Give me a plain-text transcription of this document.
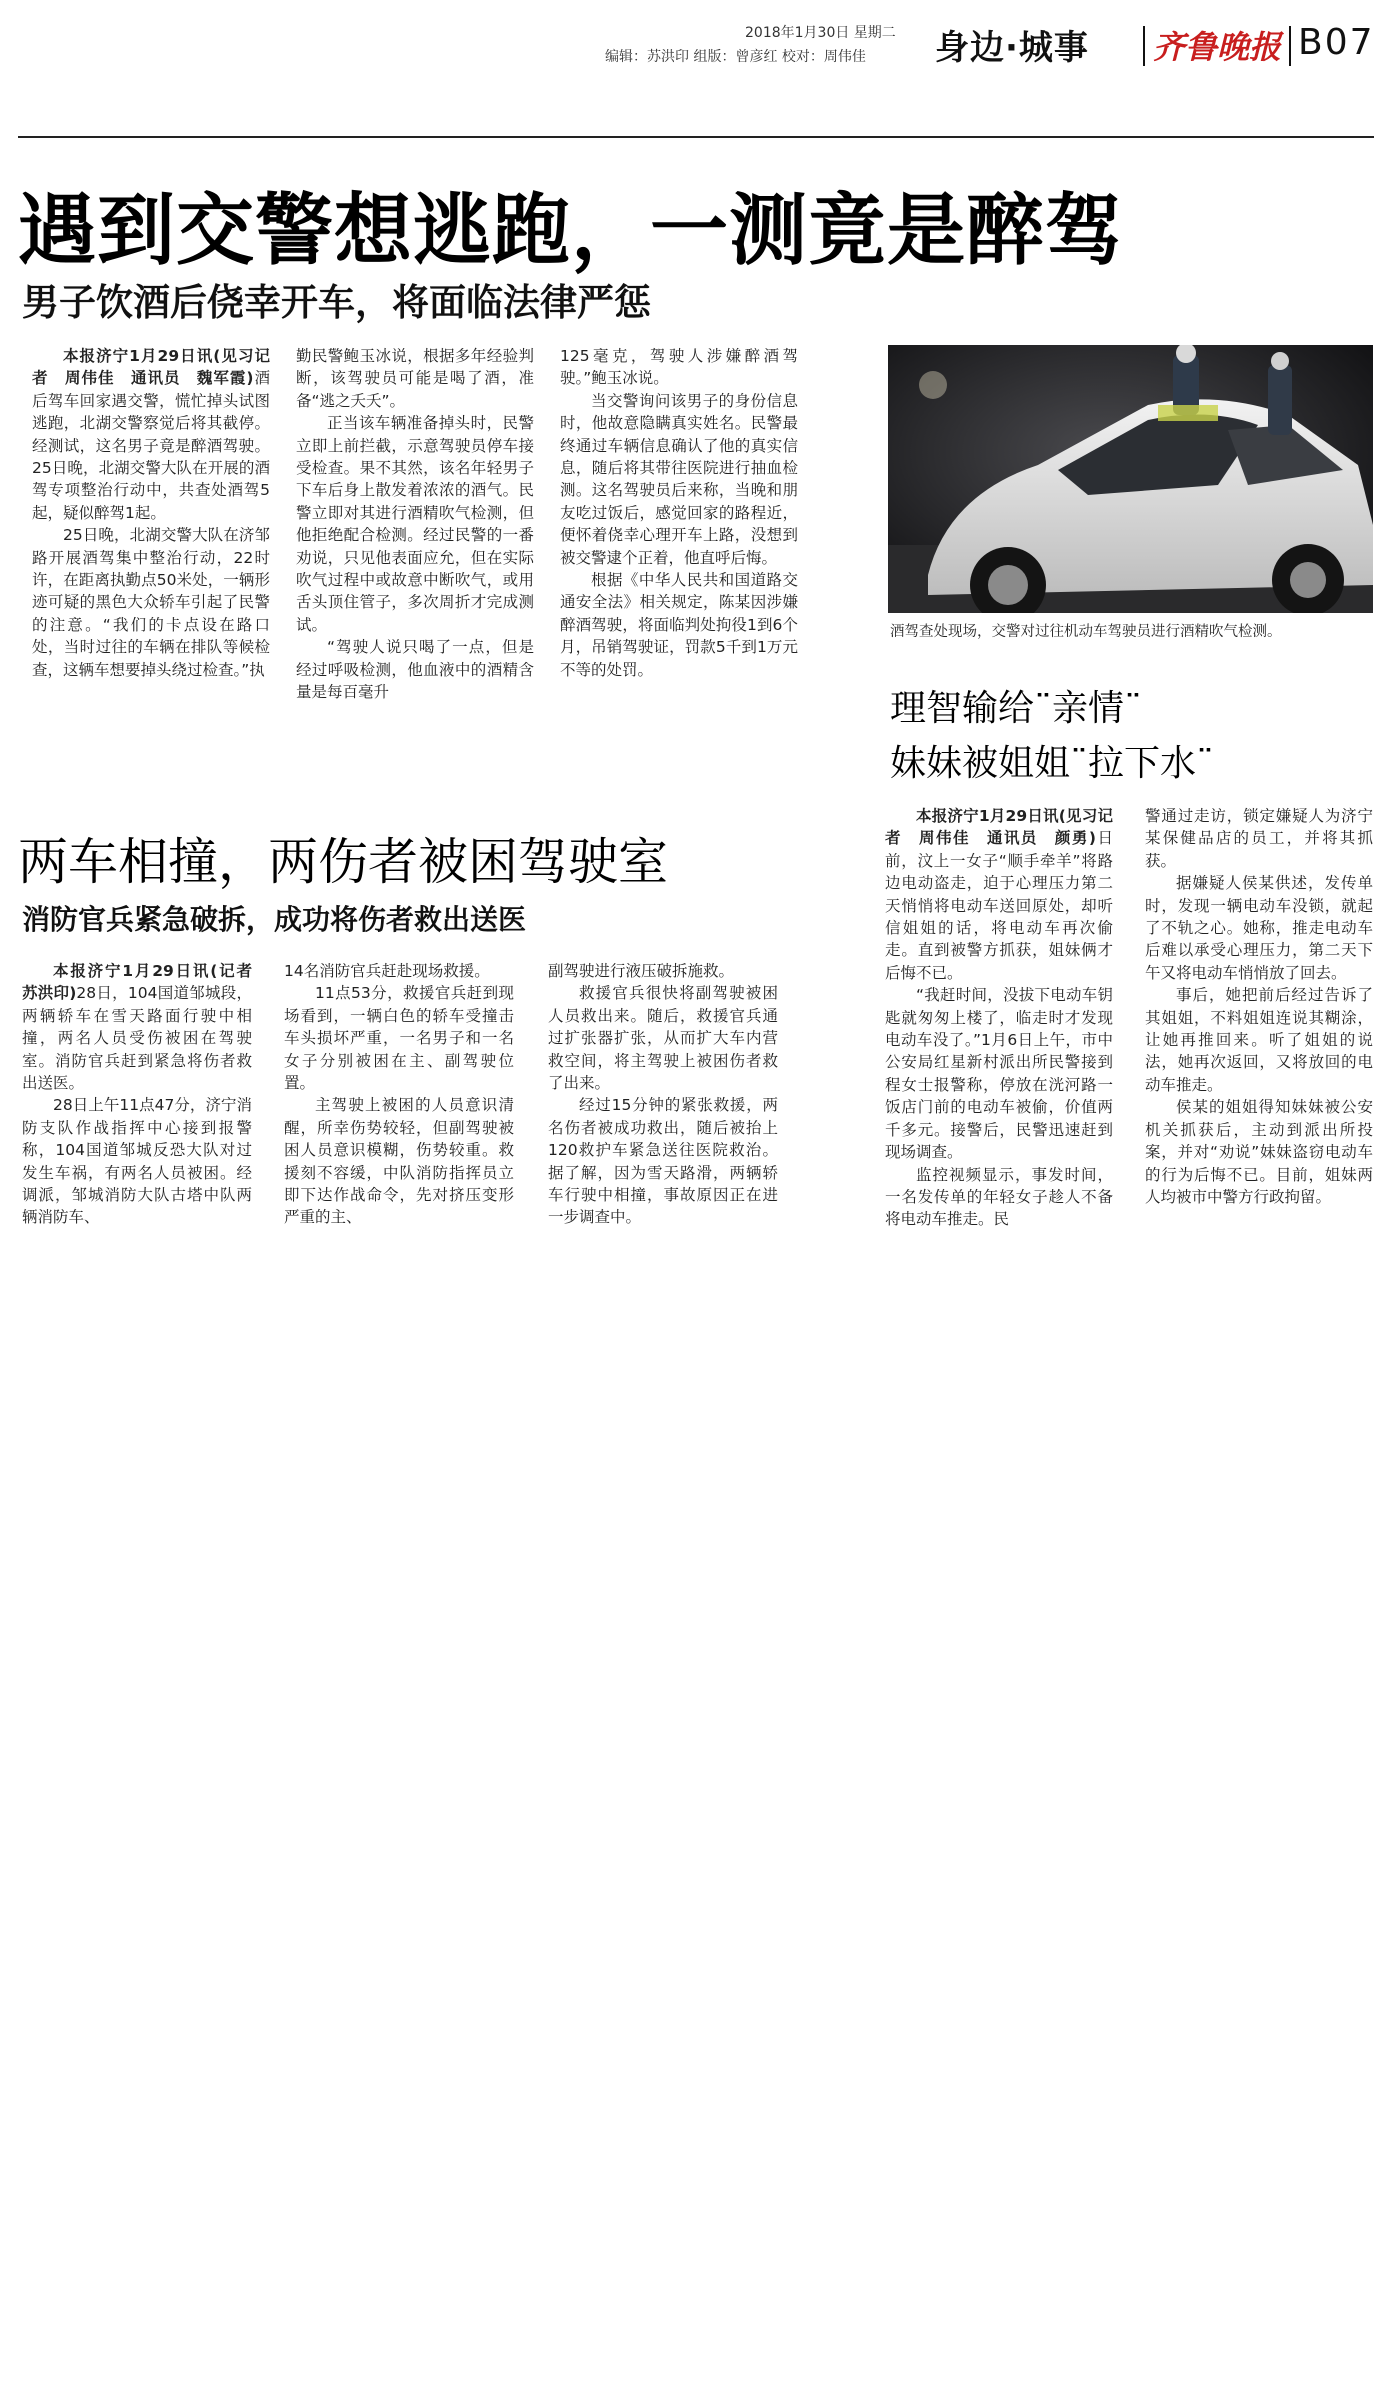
2018年1月30日 星期二
编辑：苏洪印 组版：曾彦红 校对：周伟佳 身边·城事 齐鲁晚报 B07
遇到交警想逃跑，一测竟是醉驾
男子饮酒后侥幸开车，将面临法律严惩

本报济宁1月29日讯(见习记者　周伟佳　通讯员　魏军霞)酒后驾车回家遇交警，慌忙掉头试图逃跑，北湖交警察觉后将其截停。经测试，这名男子竟是醉酒驾驶。25日晚，北湖交警大队在开展的酒驾专项整治行动中，共查处酒驾5起，疑似醉驾1起。

25日晚，北湖交警大队在济邹路开展酒驾集中整治行动，22时许，在距离执勤点50米处，一辆形迹可疑的黑色大众轿车引起了民警的注意。“我们的卡点设在路口处，当时过往的车辆在排队等候检查，这辆车想要掉头绕过检查。”执

勤民警鲍玉冰说，根据多年经验判断，该驾驶员可能是喝了酒，准备“逃之夭夭”。

正当该车辆准备掉头时，民警立即上前拦截，示意驾驶员停车接受检查。果不其然，该名年轻男子下车后身上散发着浓浓的酒气。民警立即对其进行酒精吹气检测，但他拒绝配合检测。经过民警的一番劝说，只见他表面应允，但在实际吹气过程中或故意中断吹气，或用舌头顶住管子，多次周折才完成测试。

“驾驶人说只喝了一点，但是经过呼吸检测，他血液中的酒精含量是每百毫升

125毫克，驾驶人涉嫌醉酒驾驶。”鲍玉冰说。

当交警询问该男子的身份信息时，他故意隐瞒真实姓名。民警最终通过车辆信息确认了他的真实信息，随后将其带往医院进行抽血检测。这名驾驶员后来称，当晚和朋友吃过饭后，感觉回家的路程近，便怀着侥幸心理开车上路，没想到被交警逮个正着，他直呼后悔。

根据《中华人民共和国道路交通安全法》相关规定，陈某因涉嫌醉酒驾驶，将面临判处拘役1到6个月，吊销驾驶证，罚款5千到1万元不等的处罚。

酒驾查处现场，交警对过往机动车驾驶员进行酒精吹气检测。
理智输给¨亲情¨
妹妹被姐姐¨拉下水¨

本报济宁1月29日讯(见习记者　周伟佳　通讯员　颜勇)日前，汶上一女子“顺手牵羊”将路边电动盗走，迫于心理压力第二天悄悄将电动车送回原处，却听信姐姐的话，将电动车再次偷走。直到被警方抓获，姐妹俩才后悔不已。

“我赶时间，没拔下电动车钥匙就匆匆上楼了，临走时才发现电动车没了。”1月6日上午，市中公安局红星新村派出所民警接到程女士报警称，停放在洸河路一饭店门前的电动车被偷，价值两千多元。接警后，民警迅速赶到现场调查。

监控视频显示，事发时间，一名发传单的年轻女子趁人不备将电动车推走。民

警通过走访，锁定嫌疑人为济宁某保健品店的员工，并将其抓获。

据嫌疑人侯某供述，发传单时，发现一辆电动车没锁，就起了不轨之心。她称，推走电动车后难以承受心理压力，第二天下午又将电动车悄悄放了回去。

事后，她把前后经过告诉了其姐姐，不料姐姐连说其糊涂，让她再推回来。听了姐姐的说法，她再次返回，又将放回的电动车推走。

侯某的姐姐得知妹妹被公安机关抓获后，主动到派出所投案，并对“劝说”妹妹盗窃电动车的行为后悔不已。目前，姐妹两人均被市中警方行政拘留。

两车相撞，两伤者被困驾驶室
消防官兵紧急破拆，成功将伤者救出送医

本报济宁1月29日讯(记者　苏洪印)28日，104国道邹城段，两辆轿车在雪天路面行驶中相撞，两名人员受伤被困在驾驶室。消防官兵赶到紧急将伤者救出送医。

28日上午11点47分，济宁消防支队作战指挥中心接到报警称，104国道邹城反恐大队对过发生车祸，有两名人员被困。经调派，邹城消防大队古塔中队两辆消防车、

14名消防官兵赶赴现场救援。

11点53分，救援官兵赶到现场看到，一辆白色的轿车受撞击车头损坏严重，一名男子和一名女子分别被困在主、副驾驶位置。

主驾驶上被困的人员意识清醒，所幸伤势较轻，但副驾驶被困人员意识模糊，伤势较重。救援刻不容缓，中队消防指挥员立即下达作战命令，先对挤压变形严重的主、

副驾驶进行液压破拆施救。

救援官兵很快将副驾驶被困人员救出来。随后，救援官兵通过扩张器扩张，从而扩大车内营救空间，将主驾驶上被困伤者救了出来。

经过15分钟的紧张救援，两名伤者被成功救出，随后被抬上120救护车紧急送往医院救治。据了解，因为雪天路滑，两辆轿车行驶中相撞，事故原因正在进一步调查中。
